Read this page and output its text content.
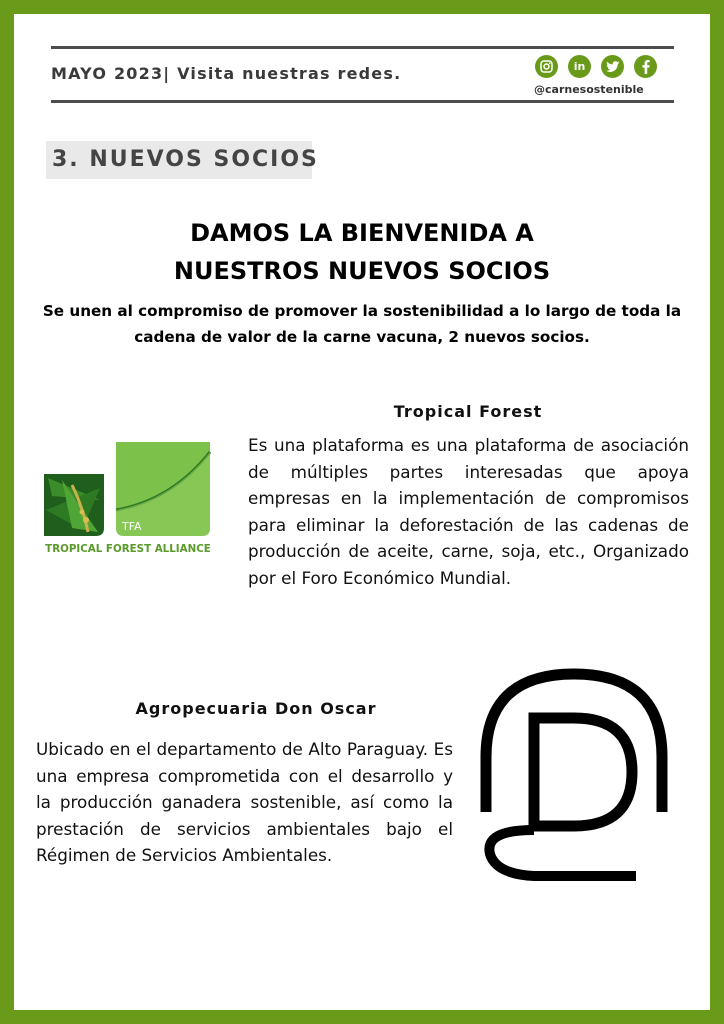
MAYO 2023| Visita nuestras redes.	in
@carnesostenible
3. NUEVOS SOCIOS
DAMOS LA BIENVENIDA A
NUESTROS NUEVOS SOCIOS
Se unen al compromiso de promover la sostenibilidad a lo largo de toda la cadena de valor de la carne vacuna, 2 nuevos socios.
TFA
TROPICAL FOREST ALLIANCE
Tropical Forest
Es una plataforma es una plataforma de asociación de múltiples partes interesadas que apoya empresas en la implementación de compromisos para eliminar la deforestación de las cadenas de producción de aceite, carne, soja, etc., Organizado por el Foro Económico Mundial.
Agropecuaria Don Oscar
Ubicado en el departamento de Alto Paraguay. Es una empresa comprometida con el desarrollo y la producción ganadera sostenible, así como la prestación de servicios ambientales bajo el Régimen de Servicios Ambientales.
